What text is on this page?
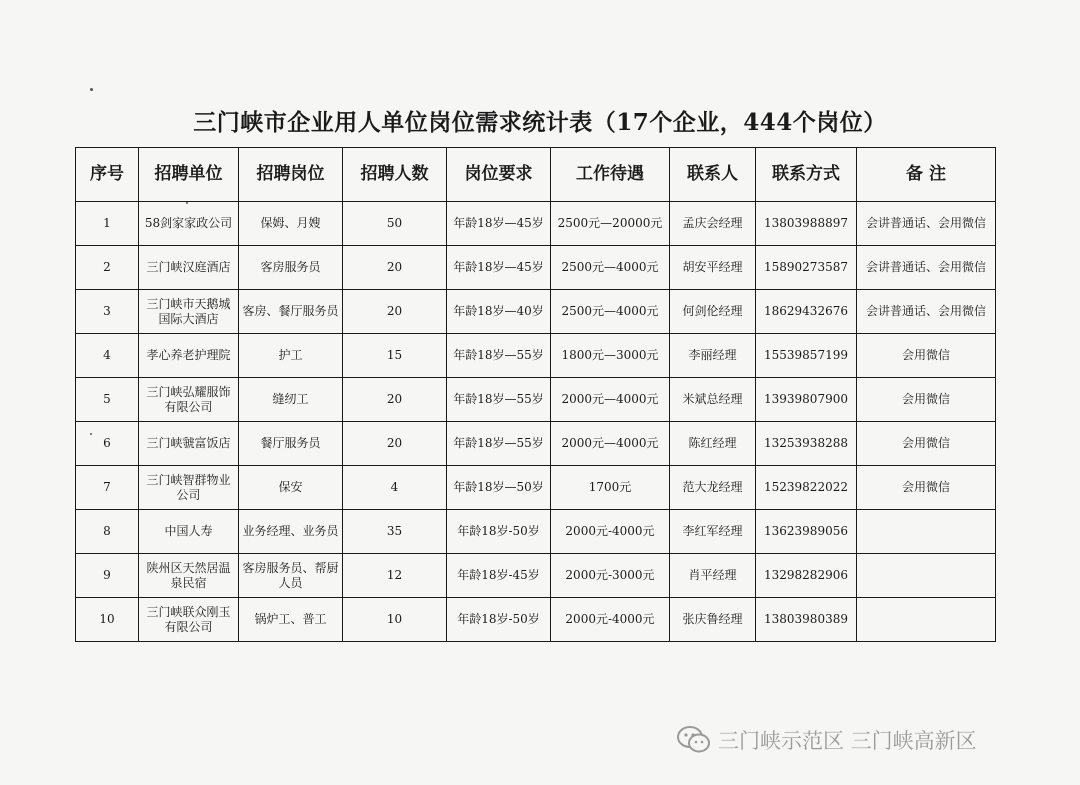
三门峡市企业用人单位岗位需求统计表（17个企业，444个岗位）
序号	招聘单位	招聘岗位	招聘人数	岗位要求	工作待遇	联系人	联系方式	备 注
1	58剑家家政公司	保姆、月嫂	50	年龄18岁—45岁	2500元—20000元	孟庆会经理	13803988897	会讲普通话、会用微信
2	三门峡汉庭酒店	客房服务员	20	年龄18岁—45岁	2500元—4000元	胡安平经理	15890273587	会讲普通话、会用微信
3	三门峡市天鹅城国际大酒店	客房、餐厅服务员	20	年龄18岁—40岁	2500元—4000元	何剑伦经理	18629432676	会讲普通话、会用微信
4	孝心养老护理院	护工	15	年龄18岁—55岁	1800元—3000元	李丽经理	15539857199	会用微信
5	三门峡弘耀服饰有限公司	缝纫工	20	年龄18岁—55岁	2000元—4000元	米斌总经理	13939807900	会用微信
6	三门峡虢富饭店	餐厅服务员	20	年龄18岁—55岁	2000元—4000元	陈红经理	13253938288	会用微信
7	三门峡智群物业公司	保安	4	年龄18岁—50岁	1700元	范大龙经理	15239822022	会用微信
8	中国人寿	业务经理、业务员	35	年龄18岁-50岁	2000元-4000元	李红军经理	13623989056	
9	陕州区天然居温泉民宿	客房服务员、帮厨人员	12	年龄18岁-45岁	2000元-3000元	肖平经理	13298282906	
10	三门峡联众刚玉有限公司	锅炉工、普工	10	年龄18岁-50岁	2000元-4000元	张庆鲁经理	13803980389	
三门峡示范区 三门峡高新区
